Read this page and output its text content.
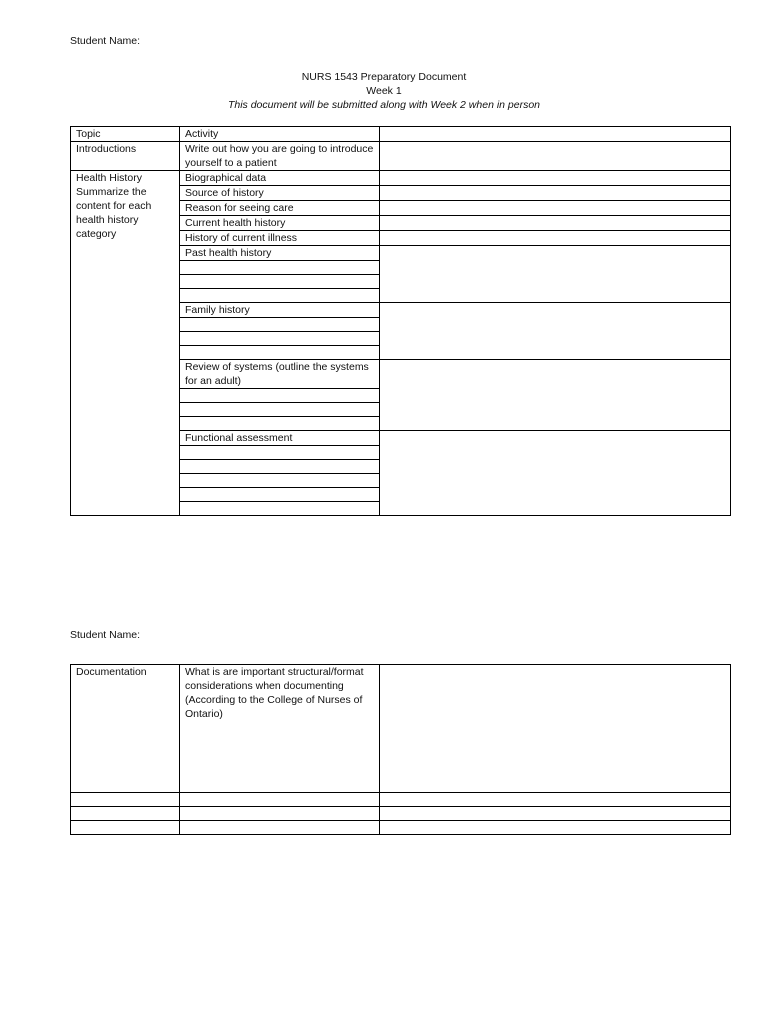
Student Name:
NURS 1543 Preparatory Document
Week 1
This document will be submitted along with Week 2 when in person
Topic	Activity	
Introductions	Write out how you are going to introduce yourself to a patient	
Health History Summarize the content for each health history category	Biographical data	
	Source of history	
	Reason for seeing care	
	Current health history	
	History of current illness	
	Past health history	

	Family history	

	Review of systems (outline the systems for an adult)	

	Functional assessment	

Student Name:
Documentation	What is are important structural/format considerations when documenting (According to the College of Nurses of Ontario)	
